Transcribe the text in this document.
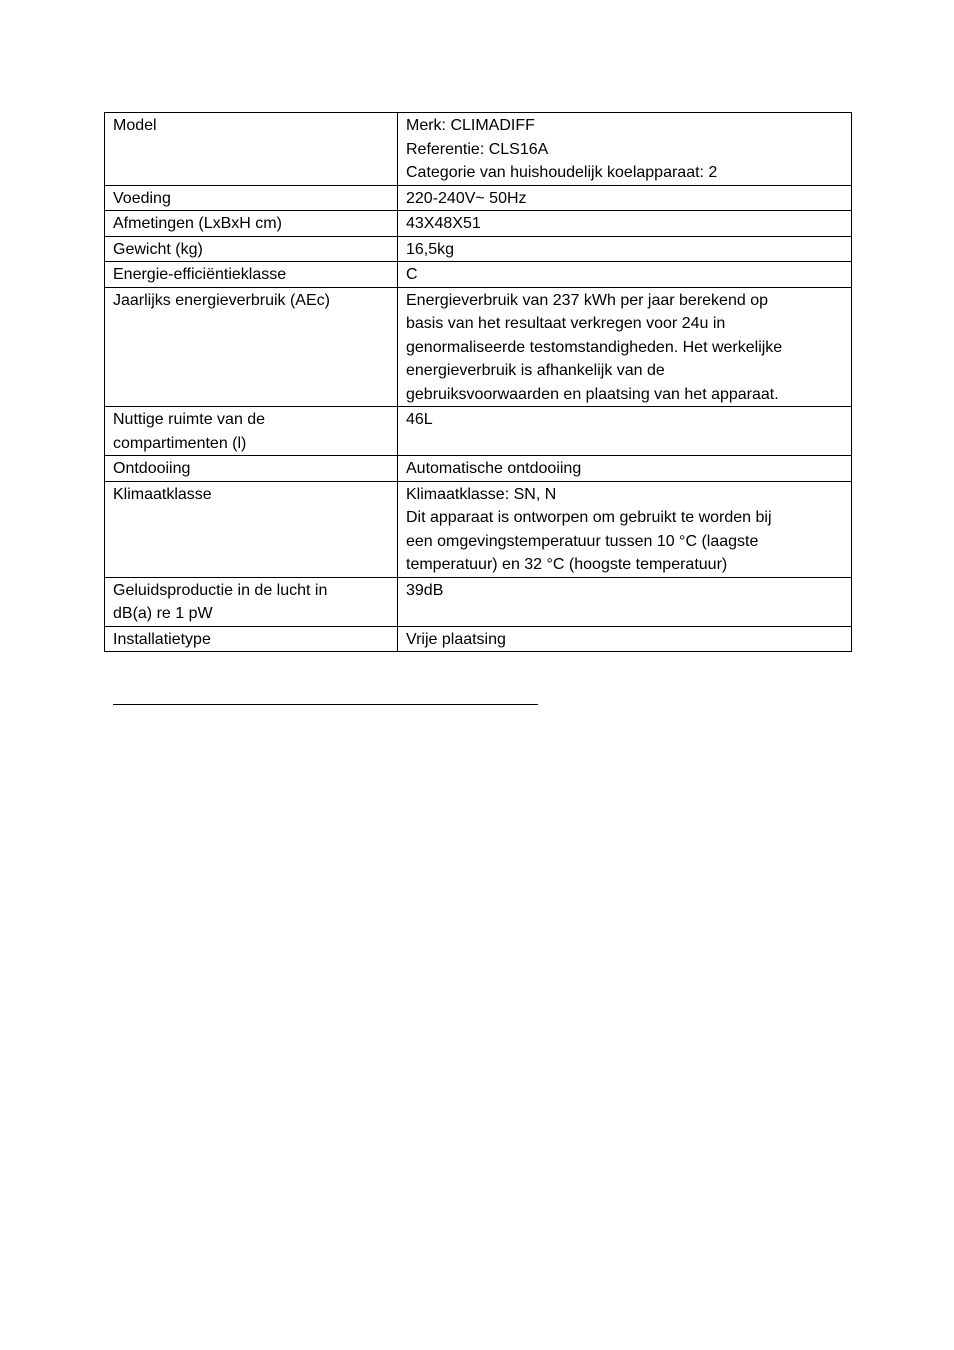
Model	Merk: CLIMADIFF
Referentie: CLS16A
Categorie van huishoudelijk koelapparaat: 2
Voeding	220-240V~ 50Hz
Afmetingen (LxBxH cm)	43X48X51
Gewicht (kg)	16,5kg
Energie-efficiëntieklasse	C
Jaarlijks energieverbruik (AEc)	Energieverbruik van 237 kWh per jaar berekend op
basis van het resultaat verkregen voor 24u in
genormaliseerde testomstandigheden. Het werkelijke
energieverbruik is afhankelijk van de
gebruiksvoorwaarden en plaatsing van het apparaat.
Nuttige ruimte van de
compartimenten (l)	46L
Ontdooiing	Automatische ontdooiing
Klimaatklasse	Klimaatklasse: SN, N
Dit apparaat is ontworpen om gebruikt te worden bij
een omgevingstemperatuur tussen 10 °C (laagste
temperatuur) en 32 °C (hoogste temperatuur)
Geluidsproductie in de lucht in
dB(a) re 1 pW	39dB
Installatietype	Vrije plaatsing
